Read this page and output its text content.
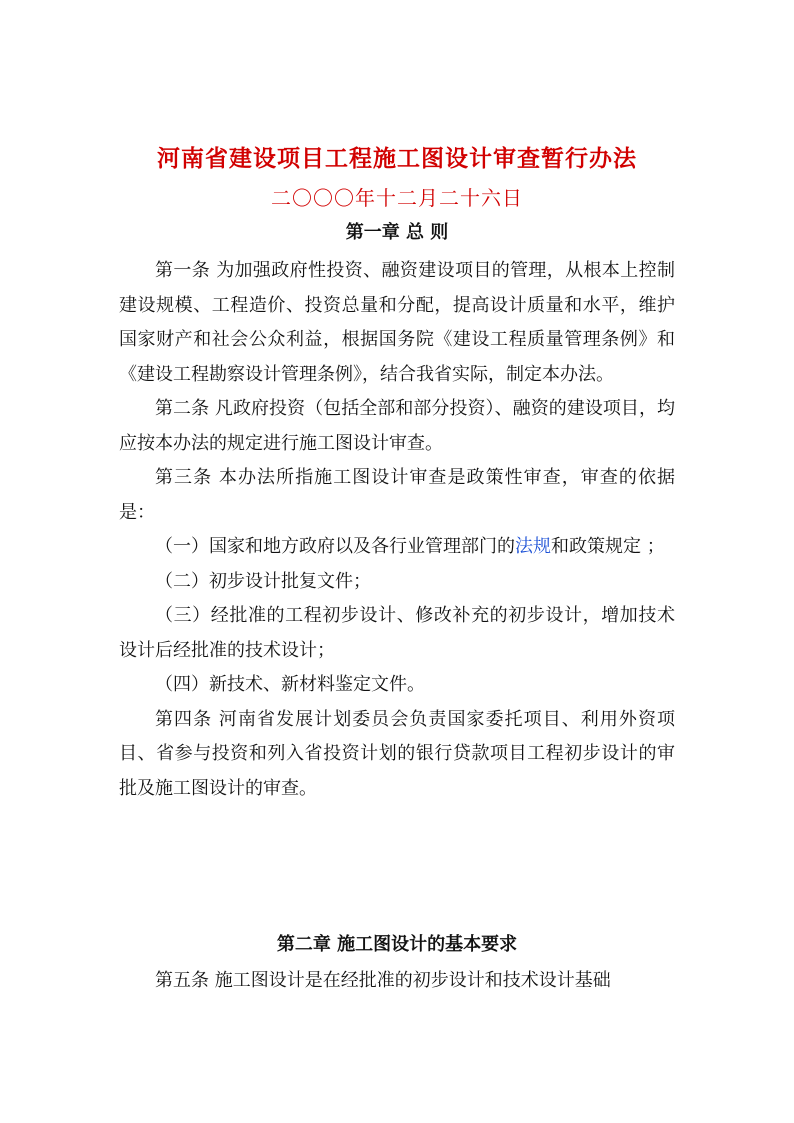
河南省建设项目工程施工图设计审查暂行办法
二〇〇〇年十二月二十六日
第一章 总 则

第一条 为加强政府性投资、融资建设项目的管理，从根本上控制建设规模、工程造价、投资总量和分配，提高设计质量和水平，维护国家财产和社会公众利益，根据国务院《建设工程质量管理条例》和《建设工程勘察设计管理条例》，结合我省实际，制定本办法。

第二条 凡政府投资（包括全部和部分投资）、融资的建设项目，均应按本办法的规定进行施工图设计审查。

第三条 本办法所指施工图设计审查是政策性审查，审查的依据是：

（一）国家和地方政府以及各行业管理部门的法规和政策规定 ；

（二）初步设计批复文件；

（三）经批准的工程初步设计、修改补充的初步设计，增加技术设计后经批准的技术设计；

（四）新技术、新材料鉴定文件。

第四条 河南省发展计划委员会负责国家委托项目、利用外资项目、省参与投资和列入省投资计划的银行贷款项目工程初步设计的审批及施工图设计的审查。

第二章 施工图设计的基本要求

第五条 施工图设计是在经批准的初步设计和技术设计基础
